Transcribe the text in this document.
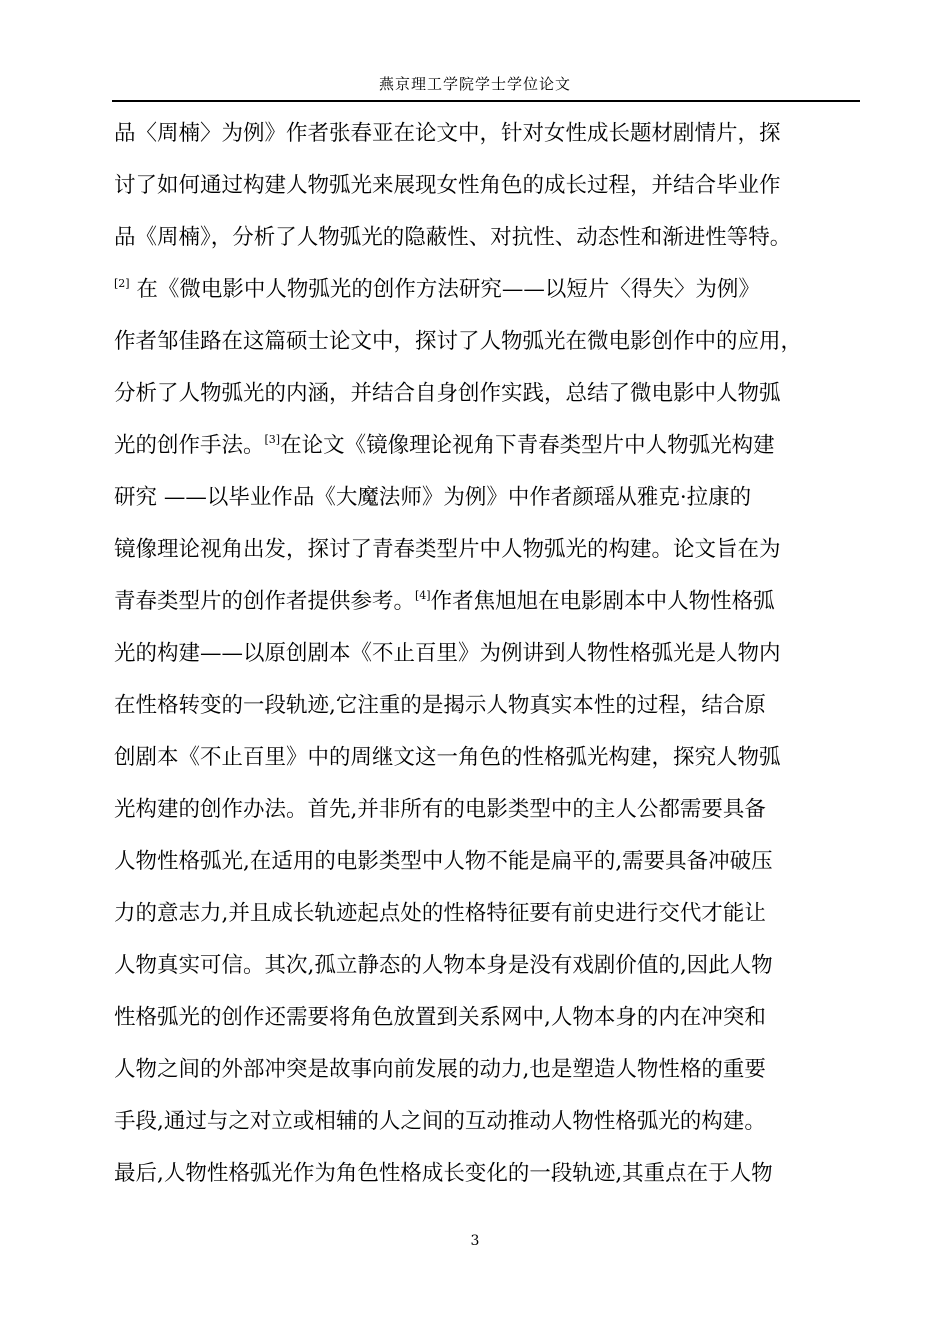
燕京理工学院学士学位论文
品〈周楠〉为例》作者张春亚在论文中，针对女性成长题材剧情片，探
讨了如何通过构建人物弧光来展现女性角色的成长过程，并结合毕业作
品《周楠》，分析了人物弧光的隐蔽性、对抗性、动态性和渐进性等特。
[2] 在《微电影中人物弧光的创作方法研究——以短片〈得失〉为例》
作者邹佳路在这篇硕士论文中，探讨了人物弧光在微电影创作中的应用，
分析了人物弧光的内涵，并结合自身创作实践，总结了微电影中人物弧
光的创作手法。[3]在论文《镜像理论视角下青春类型片中人物弧光构建
研究 ——以毕业作品《大魔法师》为例》中作者颜瑶从雅克·拉康的
镜像理论视角出发，探讨了青春类型片中人物弧光的构建。论文旨在为
青春类型片的创作者提供参考。[4]作者焦旭旭在电影剧本中人物性格弧
光的构建——以原创剧本《不止百里》为例讲到人物性格弧光是人物内
在性格转变的一段轨迹,它注重的是揭示人物真实本性的过程，结合原
创剧本《不止百里》中的周继文这一角色的性格弧光构建，探究人物弧
光构建的创作办法。首先,并非所有的电影类型中的主人公都需要具备
人物性格弧光,在适用的电影类型中人物不能是扁平的,需要具备冲破压
力的意志力,并且成长轨迹起点处的性格特征要有前史进行交代才能让
人物真实可信。其次,孤立静态的人物本身是没有戏剧价值的,因此人物
性格弧光的创作还需要将角色放置到关系网中,人物本身的内在冲突和
人物之间的外部冲突是故事向前发展的动力,也是塑造人物性格的重要
手段,通过与之对立或相辅的人之间的互动推动人物性格弧光的构建。
最后,人物性格弧光作为角色性格成长变化的一段轨迹,其重点在于人物
3
